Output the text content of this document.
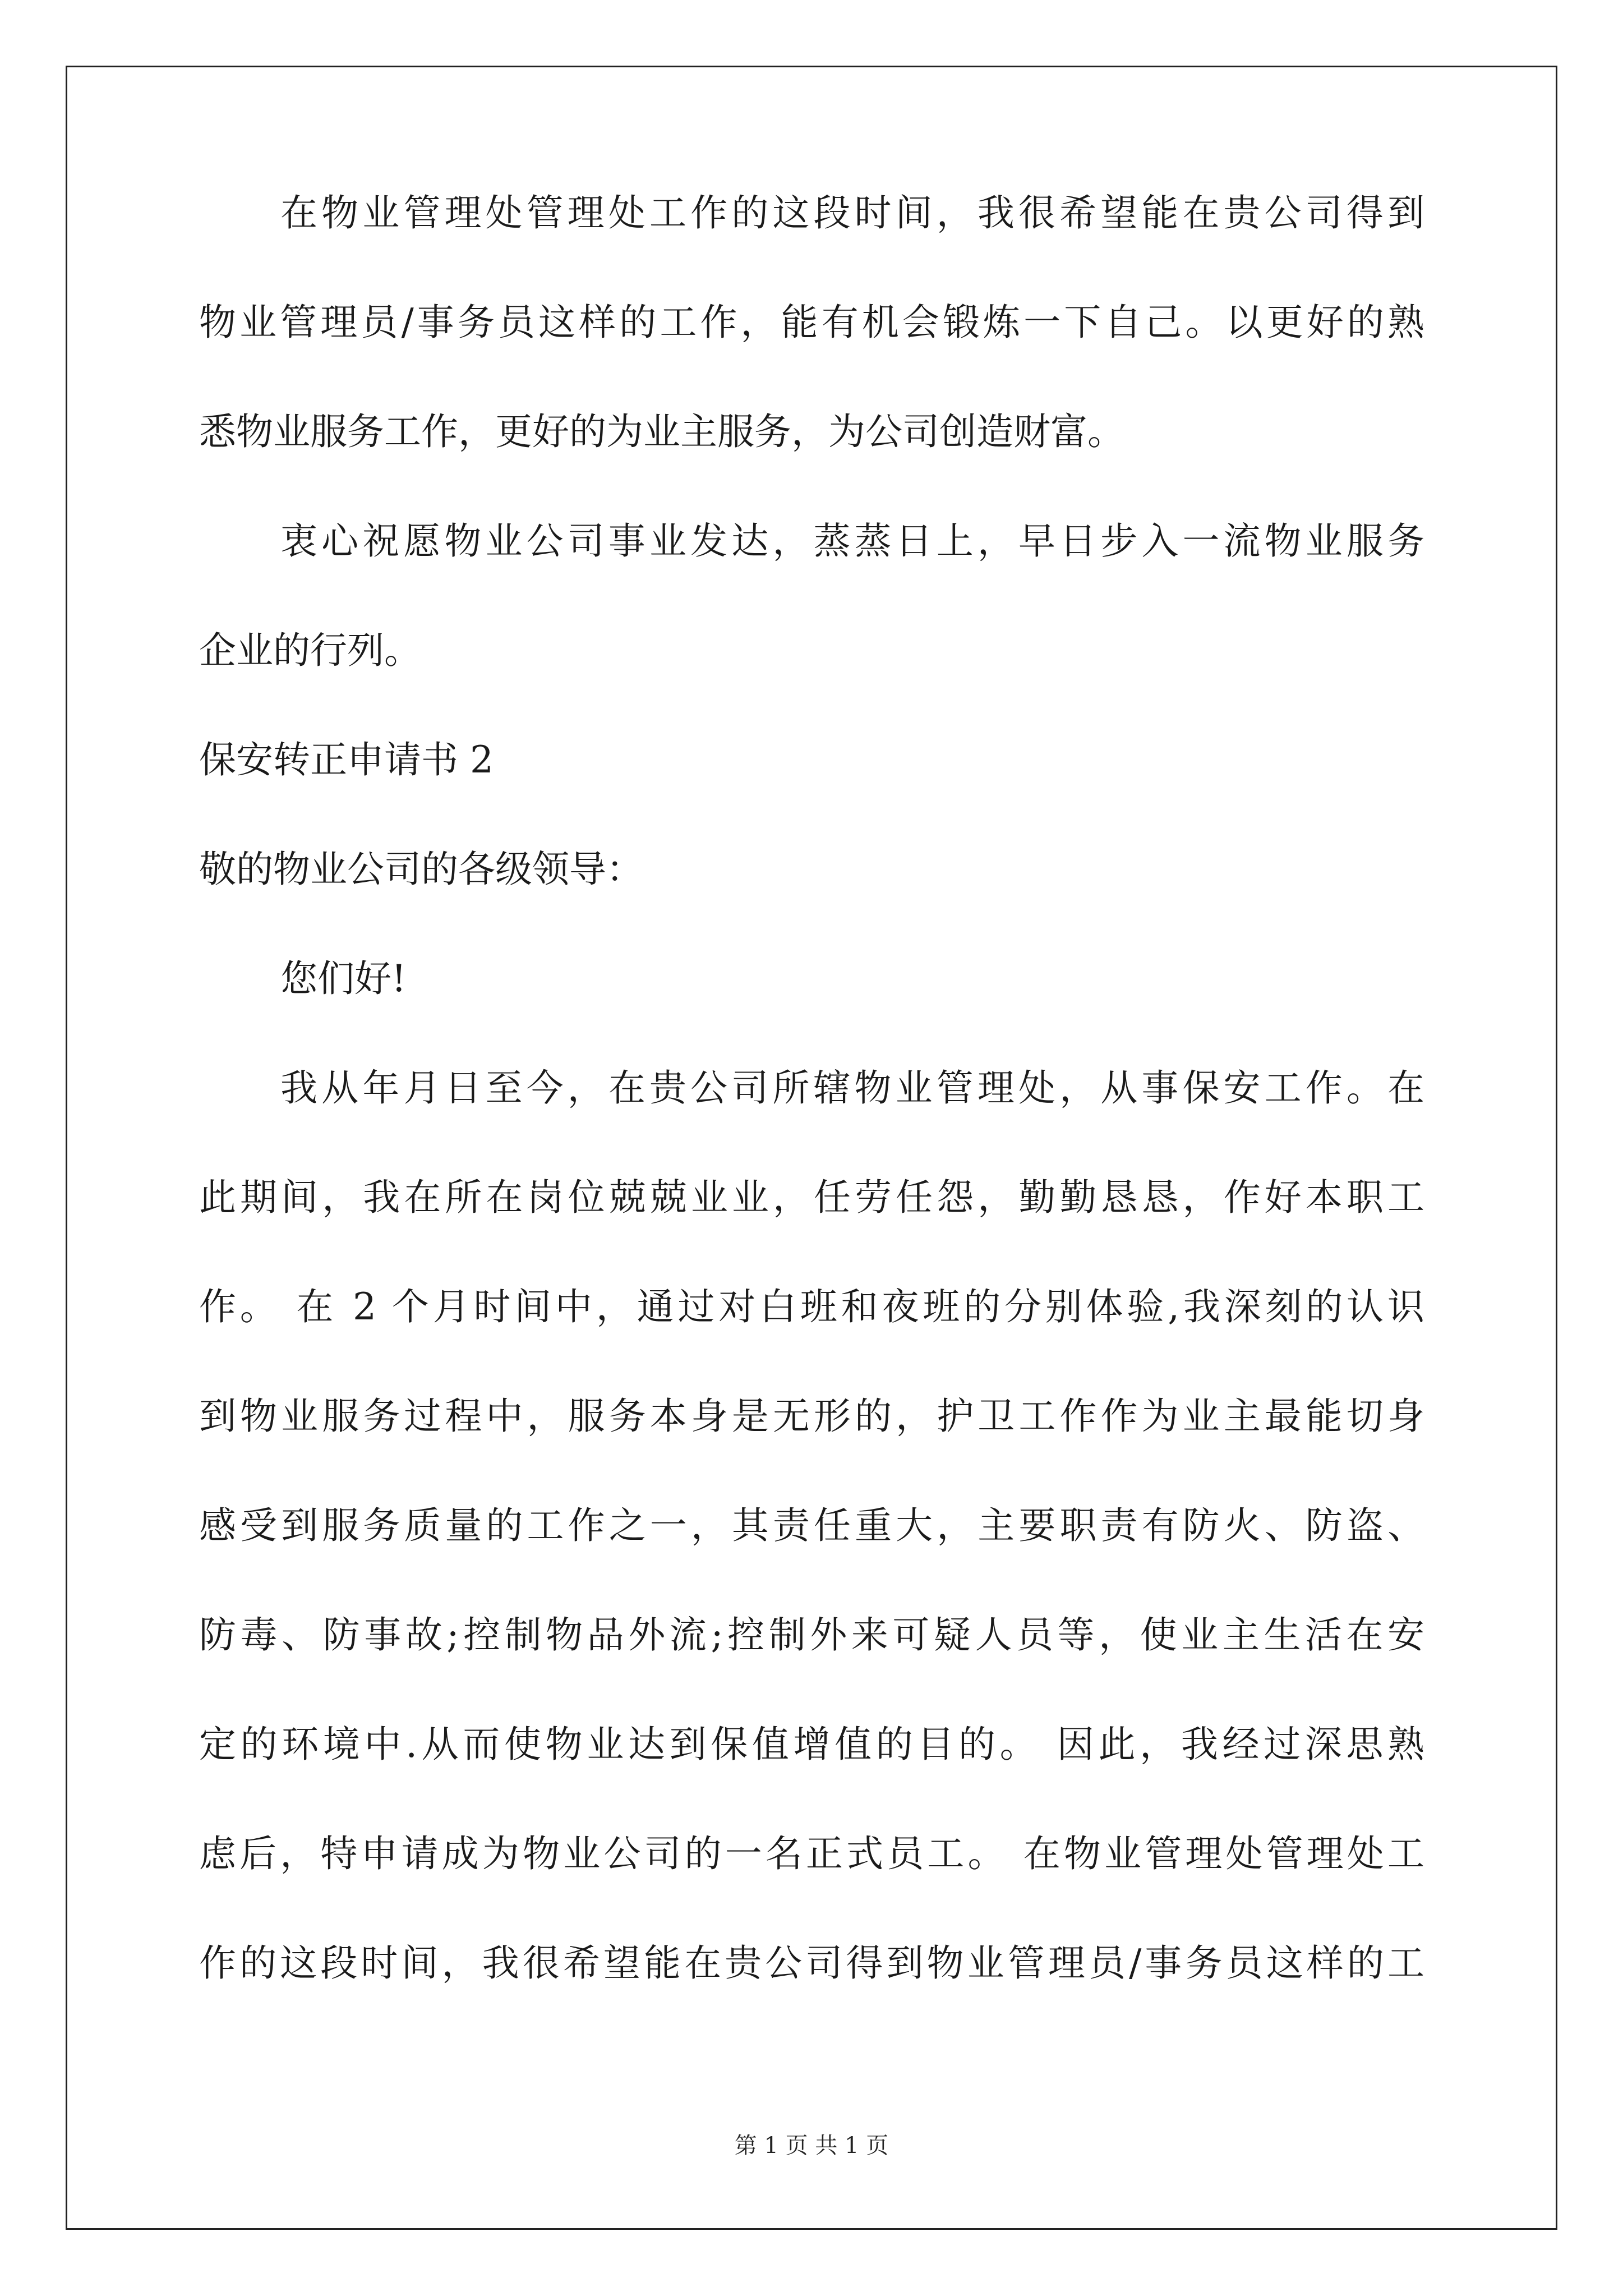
在物业管理处管理处工作的这段时间，我很希望能在贵公司得到
物业管理员/事务员这样的工作，能有机会锻炼一下自己。以更好的熟
悉物业服务工作，更好的为业主服务，为公司创造财富。
衷心祝愿物业公司事业发达，蒸蒸日上，早日步入一流物业服务
企业的行列。
保安转正申请书 2
敬的物业公司的各级领导：
您们好!
我从年月日至今，在贵公司所辖物业管理处，从事保安工作。在
此期间，我在所在岗位兢兢业业，任劳任怨，勤勤恳恳，作好本职工
作。 在 2 个月时间中，通过对白班和夜班的分别体验,我深刻的认识
到物业服务过程中，服务本身是无形的，护卫工作作为业主最能切身
感受到服务质量的工作之一，其责任重大，主要职责有防火、防盗、
防毒、防事故;控制物品外流;控制外来可疑人员等，使业主生活在安
定的环境中.从而使物业达到保值增值的目的。 因此，我经过深思熟
虑后，特申请成为物业公司的一名正式员工。 在物业管理处管理处工
作的这段时间，我很希望能在贵公司得到物业管理员/事务员这样的工
第 1 页 共 1 页
